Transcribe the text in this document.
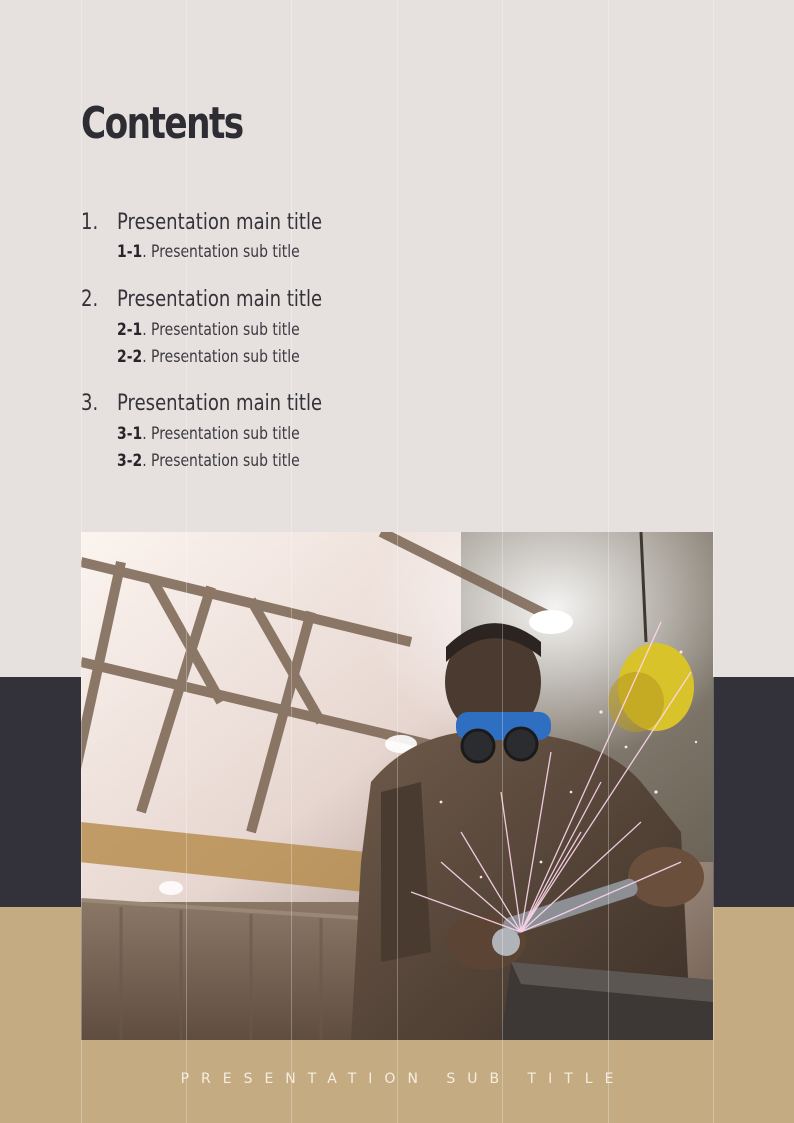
Contents
1. Presentation main title
1-1. Presentation sub title
2. Presentation main title
2-1. Presentation sub title
2-2. Presentation sub title
3. Presentation main title
3-1. Presentation sub title
3-2. Presentation sub title
PRESENTATION SUB TITLE
